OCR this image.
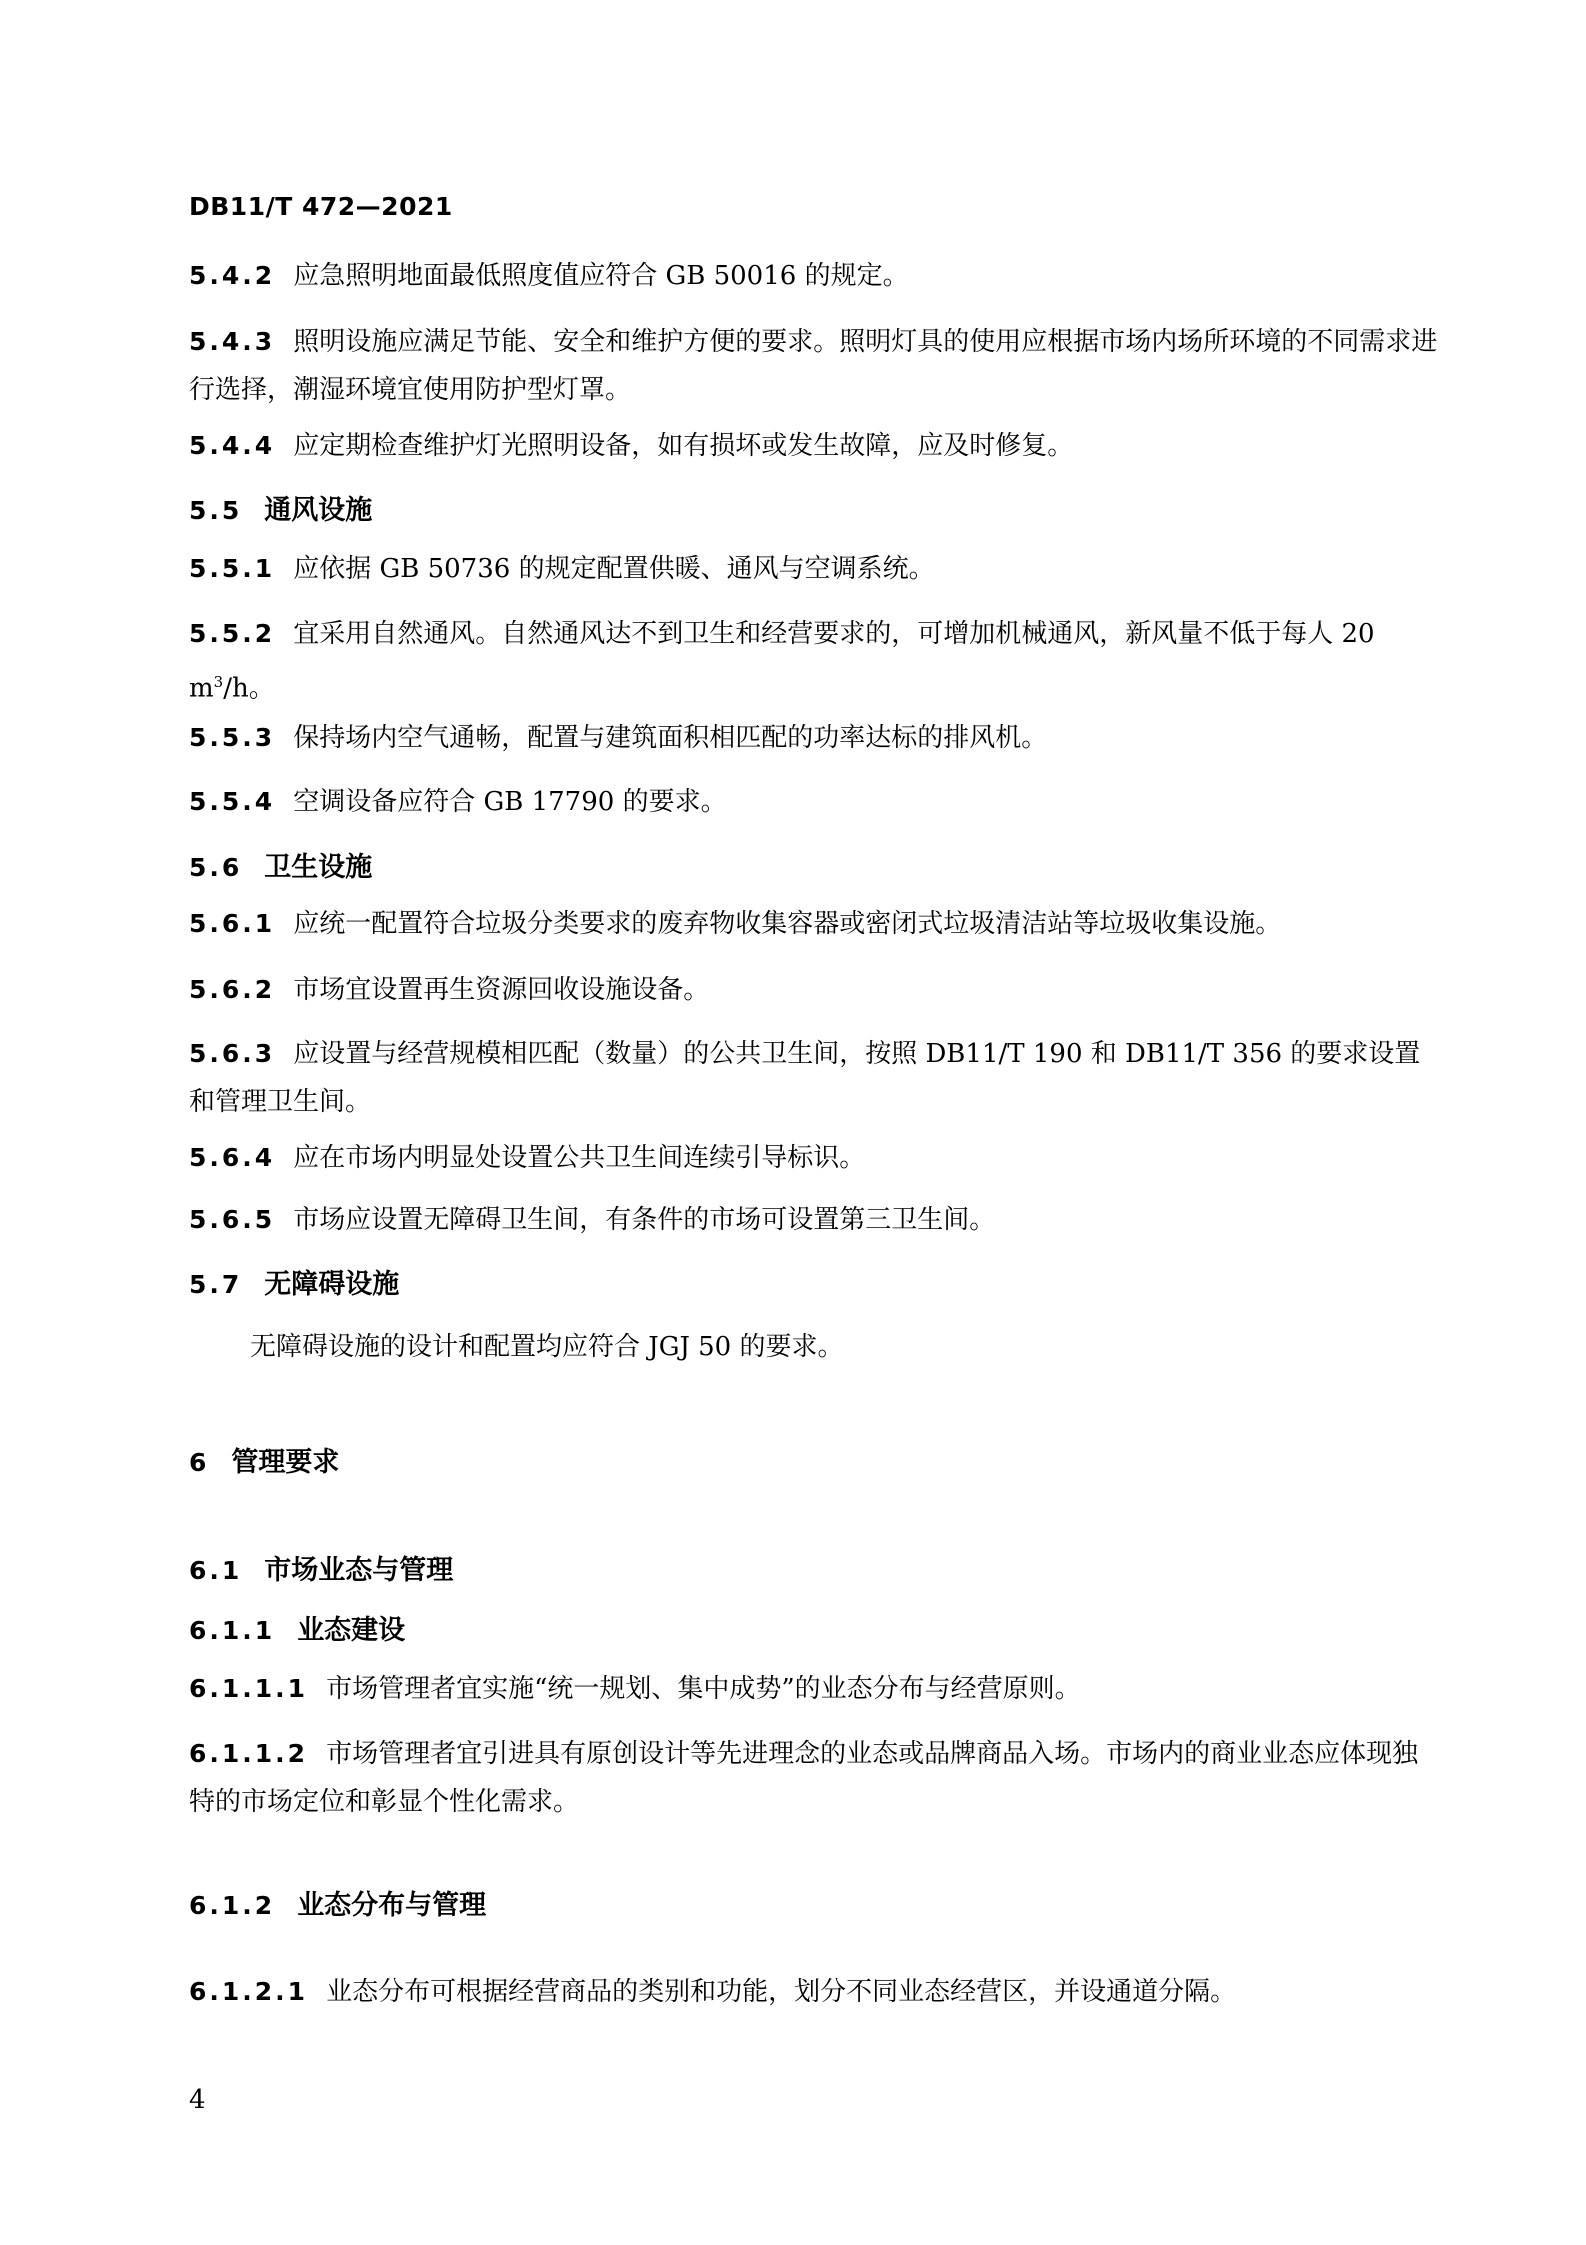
DB11/T 472—2021
5.4.2 应急照明地面最低照度值应符合 GB 50016 的规定。
5.4.3 照明设施应满足节能、安全和维护方便的要求。照明灯具的使用应根据市场内场所环境的不同需求进行选择，潮湿环境宜使用防护型灯罩。
5.4.4 应定期检查维护灯光照明设备，如有损坏或发生故障，应及时修复。
5.5 通风设施
5.5.1 应依据 GB 50736 的规定配置供暖、通风与空调系统。
5.5.2 宜采用自然通风。自然通风达不到卫生和经营要求的，可增加机械通风，新风量不低于每人 20 $m^3/h$。
5.5.3 保持场内空气通畅，配置与建筑面积相匹配的功率达标的排风机。
5.5.4 空调设备应符合 GB 17790 的要求。
5.6 卫生设施
5.6.1 应统一配置符合垃圾分类要求的废弃物收集容器或密闭式垃圾清洁站等垃圾收集设施。
5.6.2 市场宜设置再生资源回收设施设备。
5.6.3 应设置与经营规模相匹配（数量）的公共卫生间，按照 DB11/T 190 和 DB11/T 356 的要求设置和管理卫生间。
5.6.4 应在市场内明显处设置公共卫生间连续引导标识。
5.6.5 市场应设置无障碍卫生间，有条件的市场可设置第三卫生间。
5.7 无障碍设施
无障碍设施的设计和配置均应符合 JGJ 50 的要求。
6 管理要求
6.1 市场业态与管理
6.1.1 业态建设
6.1.1.1 市场管理者宜实施“统一规划、集中成势”的业态分布与经营原则。
6.1.1.2 市场管理者宜引进具有原创设计等先进理念的业态或品牌商品入场。市场内的商业业态应体现独特的市场定位和彰显个性化需求。
6.1.2 业态分布与管理
6.1.2.1 业态分布可根据经营商品的类别和功能，划分不同业态经营区，并设通道分隔。
4
